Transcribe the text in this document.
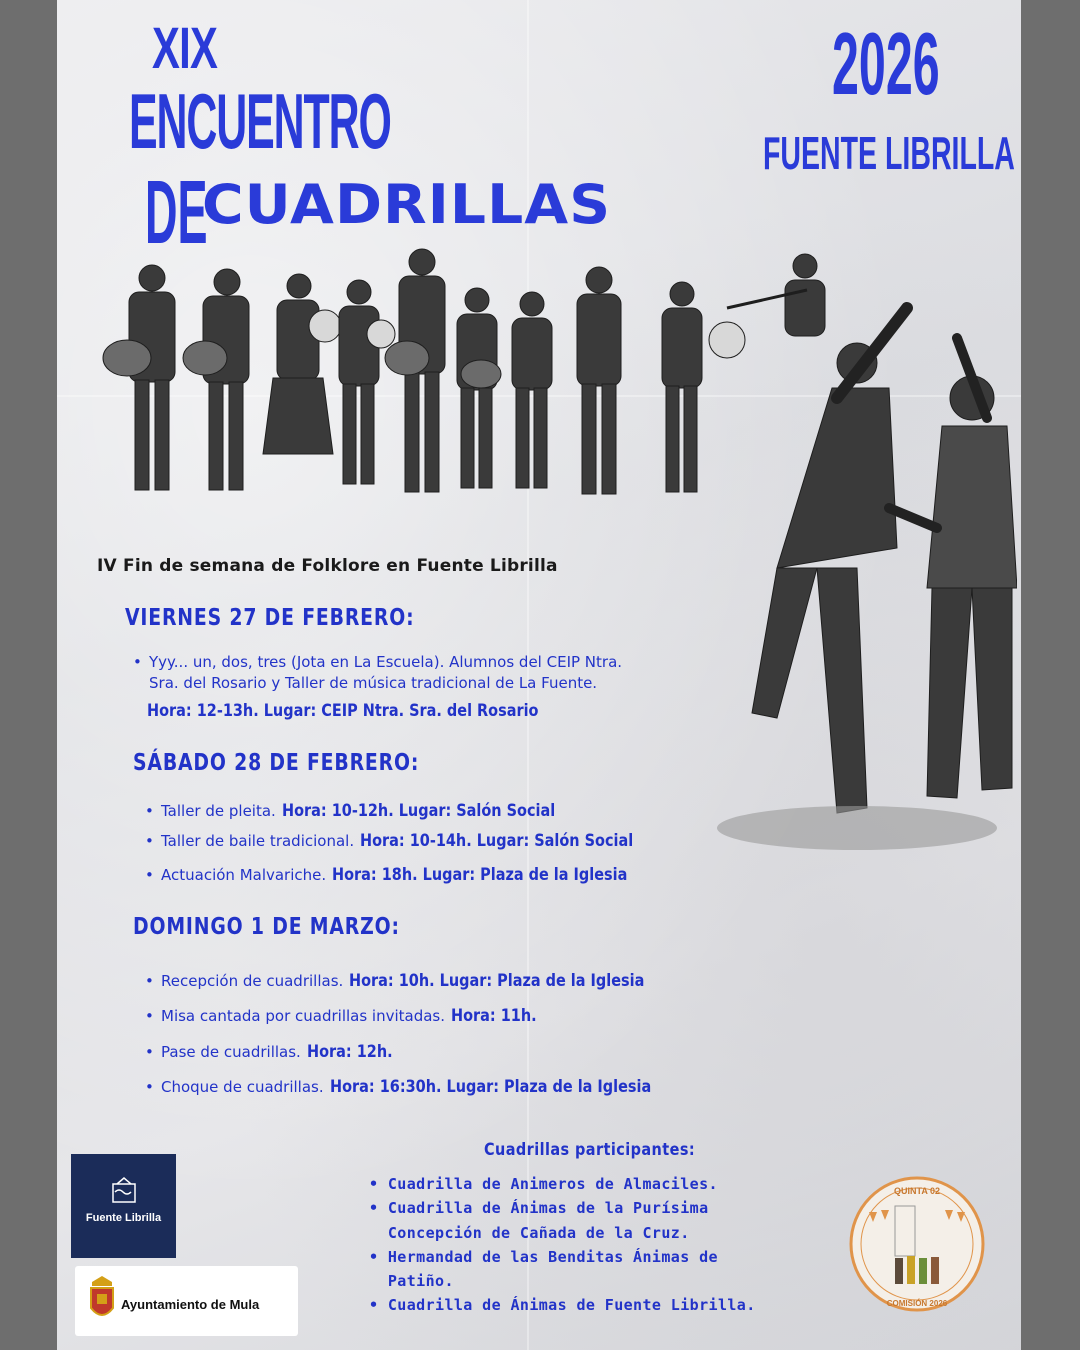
XIX
ENCUENTRO
DE
CUADRILLAS
2026
FUENTE LIBRILLA
IV Fin de semana de Folklore en Fuente Librilla
VIERNES 27 DE FEBRERO:
• Yyy... un, dos, tres (Jota en La Escuela). Alumnos del CEIP Ntra.
Sra. del Rosario y Taller de música tradicional de La Fuente.
Hora: 12-13h. Lugar: CEIP Ntra. Sra. del Rosario
SÁBADO 28 DE FEBRERO:
• Taller de pleita. Hora: 10-12h. Lugar: Salón Social
• Taller de baile tradicional. Hora: 10-14h. Lugar: Salón Social
• Actuación Malvariche. Hora: 18h. Lugar: Plaza de la Iglesia
DOMINGO 1 DE MARZO:
• Recepción de cuadrillas. Hora: 10h. Lugar: Plaza de la Iglesia
• Misa cantada por cuadrillas invitadas. Hora: 11h.
• Pase de cuadrillas. Hora: 12h.
• Choque de cuadrillas. Hora: 16:30h. Lugar: Plaza de la Iglesia
Cuadrillas participantes:
• Cuadrilla de Animeros de Almaciles.
• Cuadrilla de Ánimas de la Purísima
Concepción de Cañada de la Cruz.
• Hermandad de las Benditas Ánimas de
Patiño.
• Cuadrilla de Ánimas de Fuente Librilla.
Fuente Librilla
Ayuntamiento de Mula
QUINTA 02
COMISIÓN 2026
